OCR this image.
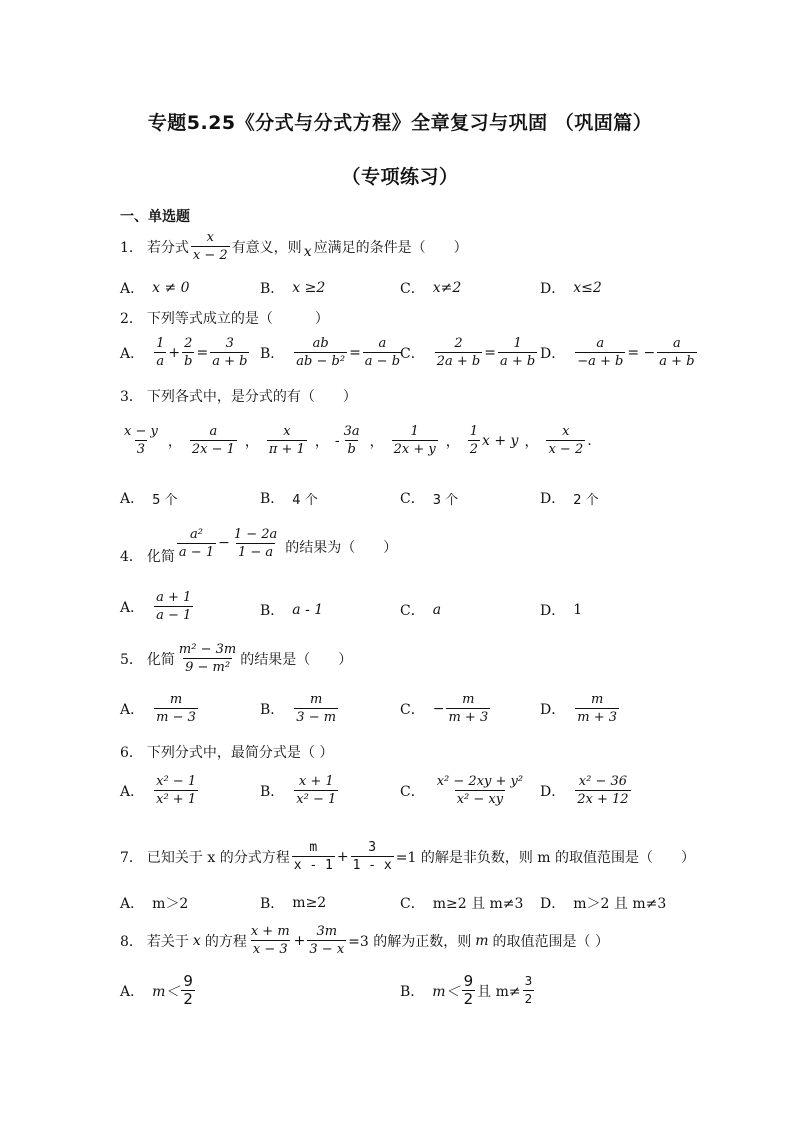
专题5.25《分式与分式方程》全章复习与巩固 （巩固篇）
（专项练习）
一、单选题
1． 若分式 $\frac{x}{x - 2}$ 有意义，则 x 应满足的条件是（　　）
A． x ≠ 0	B． x ≥2	C． x≠2	D． x≤2
2． 下列等式成立的是（　　　）
A． $\frac{1}{a} + \frac{2}{b} = \frac{3}{a + b}$ B． $\frac{ab}{\text{ab − b²}} = \frac{a}{a - b}$
C． $\frac{2}{2a + b} = \frac{1}{a + b}$ D． $\frac{a}{-a + b}$ = − $\frac{a}{a + b}$
3． 下列各式中，是分式的有（　　）
$\frac{x - y}{3}$ ， $\frac{a}{2x - 1}$ ， $\frac{x}{\pi + 1}$ ， - $\frac{3a}{b}$ ， $\frac{1}{2x + y}$ ， $\frac{1}{2}$ x + y ， $\frac{x}{x - 2}$ .
A． 5 个	B． 4 个	C． 3 个	D． 2 个
4． 化简 $\frac{\text{a²}}{a - 1} - \frac{1 - 2a}{1 - a}$ 的结果为（　　）
A． $\frac{a + 1}{a - 1}$	B． a - 1	C． a	D． 1
5． 化简 $\frac{\text{m² − 3m}}{\text{9 − m²}}$ 的结果是（　　）
A． $\frac{m}{m - 3}$	B． $\frac{m}{3 - m}$	C． − $\frac{m}{m + 3}$	D． $\frac{m}{m + 3}$
6． 下列分式中，最简分式是（ ）
A． $\frac{\text{x² − 1}}{\text{x² + 1}}$	B． $\frac{x + 1}{\text{x² − 1}}$	C． $\frac{\text{x² − 2xy + y²}}{\text{x² − xy}}$ D． $\frac{\text{x² − 36}}{2x + 12}$
7． 已知关于 x 的分式方程 $\frac{m}{x - 1} + \frac{3}{1 - x} =1$ 的解是非负数，则 m 的取值范围是（　　）
A． m＞2	B． m≥2	C． m≥2 且 m≠3 D． m＞2 且 m≠3
8． 若关于 x 的方程 $\frac{x + m}{x - 3} + \frac{3m}{3 - x} =3$ 的解为正数，则 m 的取值范围是（ ）
A． $m< \frac{9}{2}$	B． $m< \frac{9}{2}$ 且 $m\ne \frac{3}{2}$
